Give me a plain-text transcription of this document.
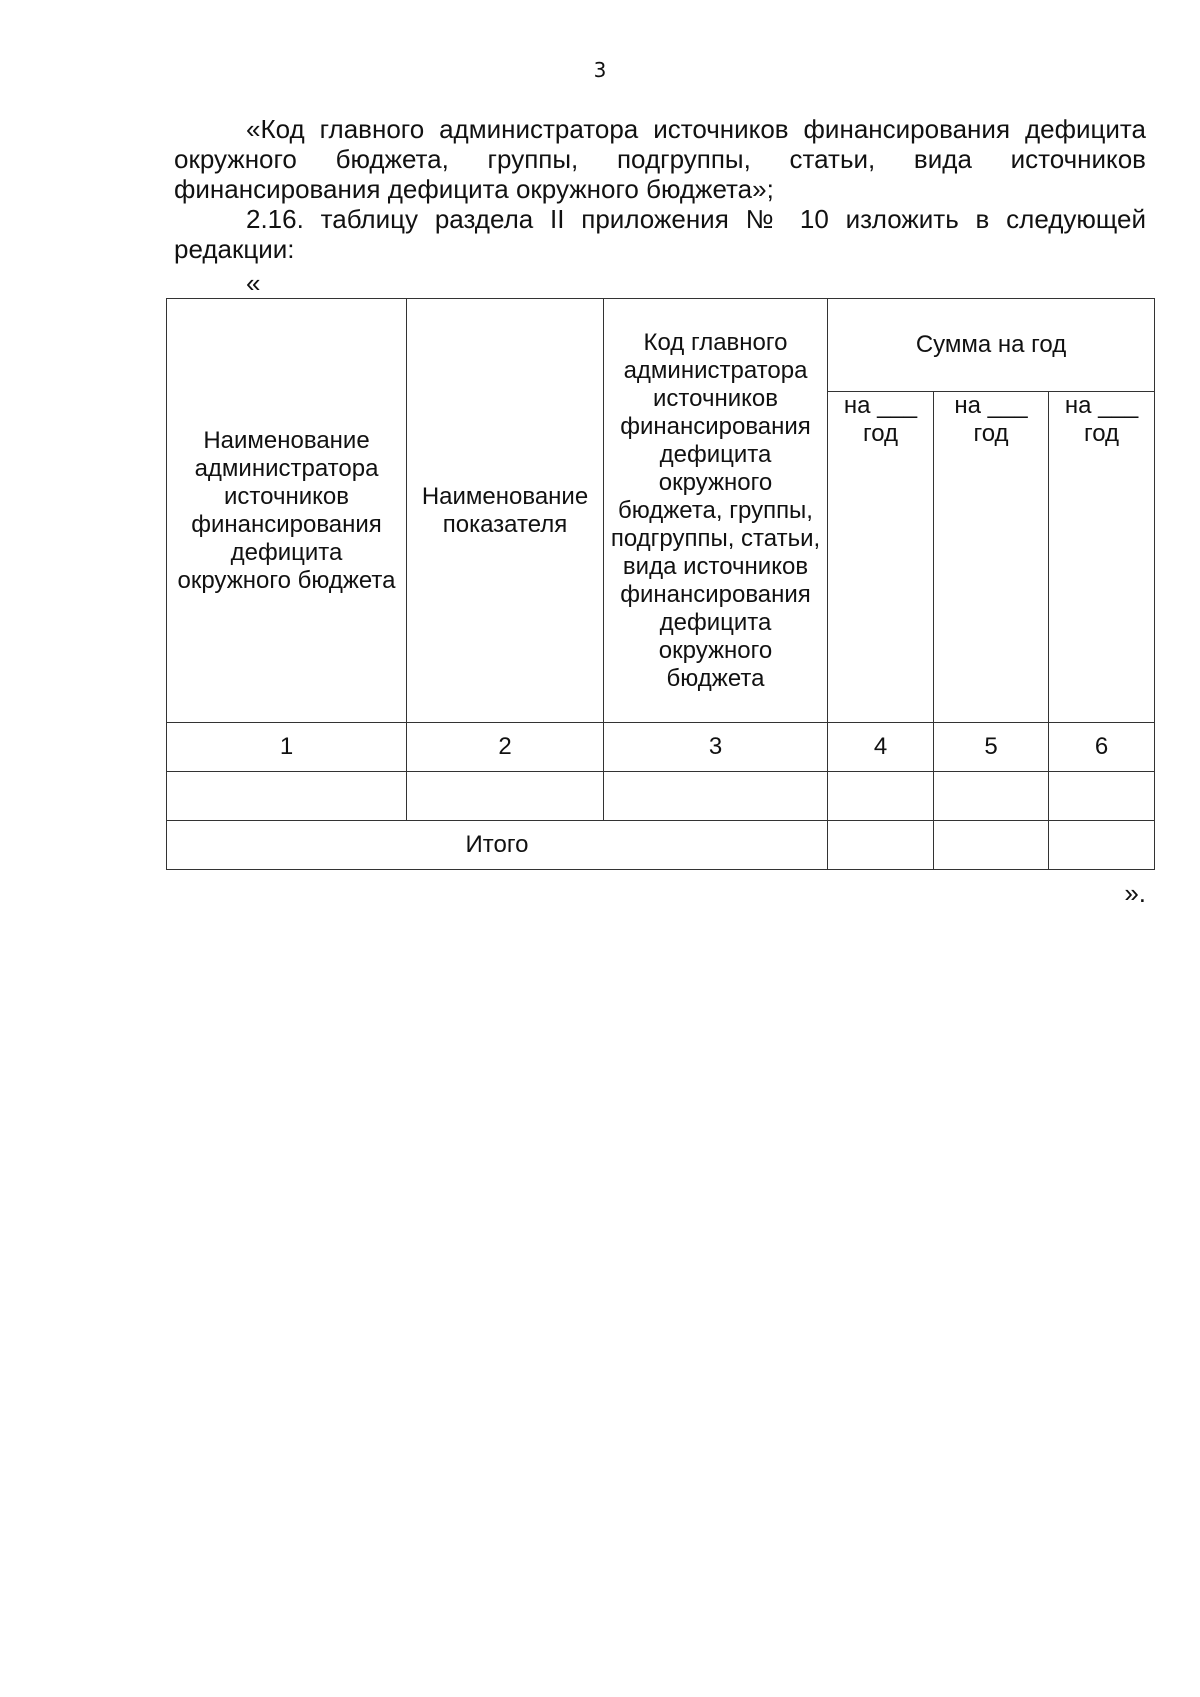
3

«Код главного администратора источников финансирования дефицита окружного бюджета, группы, подгруппы, статьи, вида источников финансирования дефицита окружного бюджета»;

2.16. таблицу раздела II приложения № 10 изложить в следующей редакции:

«
Наименование администратора источников финансирования дефицита окружного бюджета	Наименование показателя	Код главного администратора источников финансирования дефицита окружного бюджета, группы, подгруппы, статьи, вида источников финансирования дефицита окружного бюджета	Сумма на год		
			на ___ год	на ___ год	на ___ год
1	2	3	4	5	6

Итого					
».
